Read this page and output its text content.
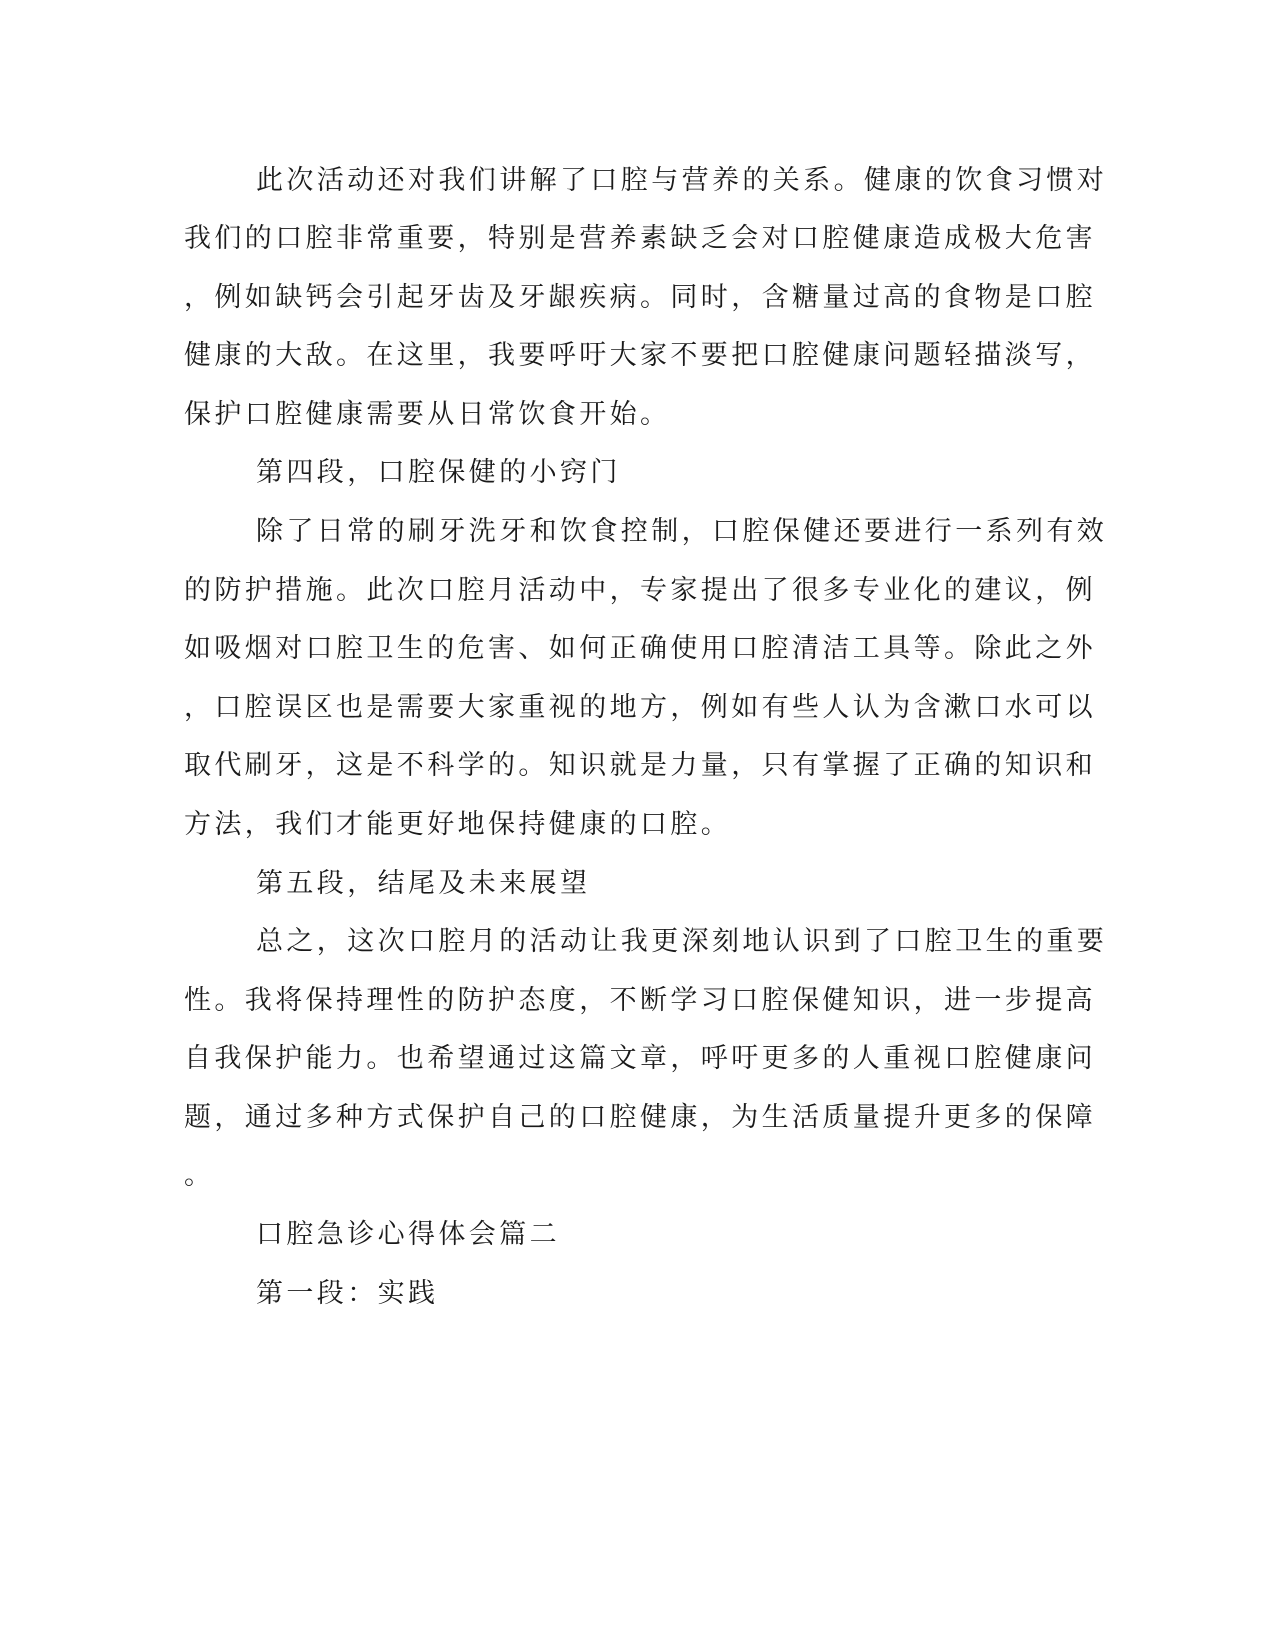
此次活动还对我们讲解了口腔与营养的关系。健康的饮食习惯对
我们的口腔非常重要，特别是营养素缺乏会对口腔健康造成极大危害
，例如缺钙会引起牙齿及牙龈疾病。同时，含糖量过高的食物是口腔
健康的大敌。在这里，我要呼吁大家不要把口腔健康问题轻描淡写，
保护口腔健康需要从日常饮食开始。
第四段，口腔保健的小窍门
除了日常的刷牙洗牙和饮食控制，口腔保健还要进行一系列有效
的防护措施。此次口腔月活动中，专家提出了很多专业化的建议，例
如吸烟对口腔卫生的危害、如何正确使用口腔清洁工具等。除此之外
，口腔误区也是需要大家重视的地方，例如有些人认为含漱口水可以
取代刷牙，这是不科学的。知识就是力量，只有掌握了正确的知识和
方法，我们才能更好地保持健康的口腔。
第五段，结尾及未来展望
总之，这次口腔月的活动让我更深刻地认识到了口腔卫生的重要
性。我将保持理性的防护态度，不断学习口腔保健知识，进一步提高
自我保护能力。也希望通过这篇文章，呼吁更多的人重视口腔健康问
题，通过多种方式保护自己的口腔健康，为生活质量提升更多的保障
。
口腔急诊心得体会篇二
第一段：实践
